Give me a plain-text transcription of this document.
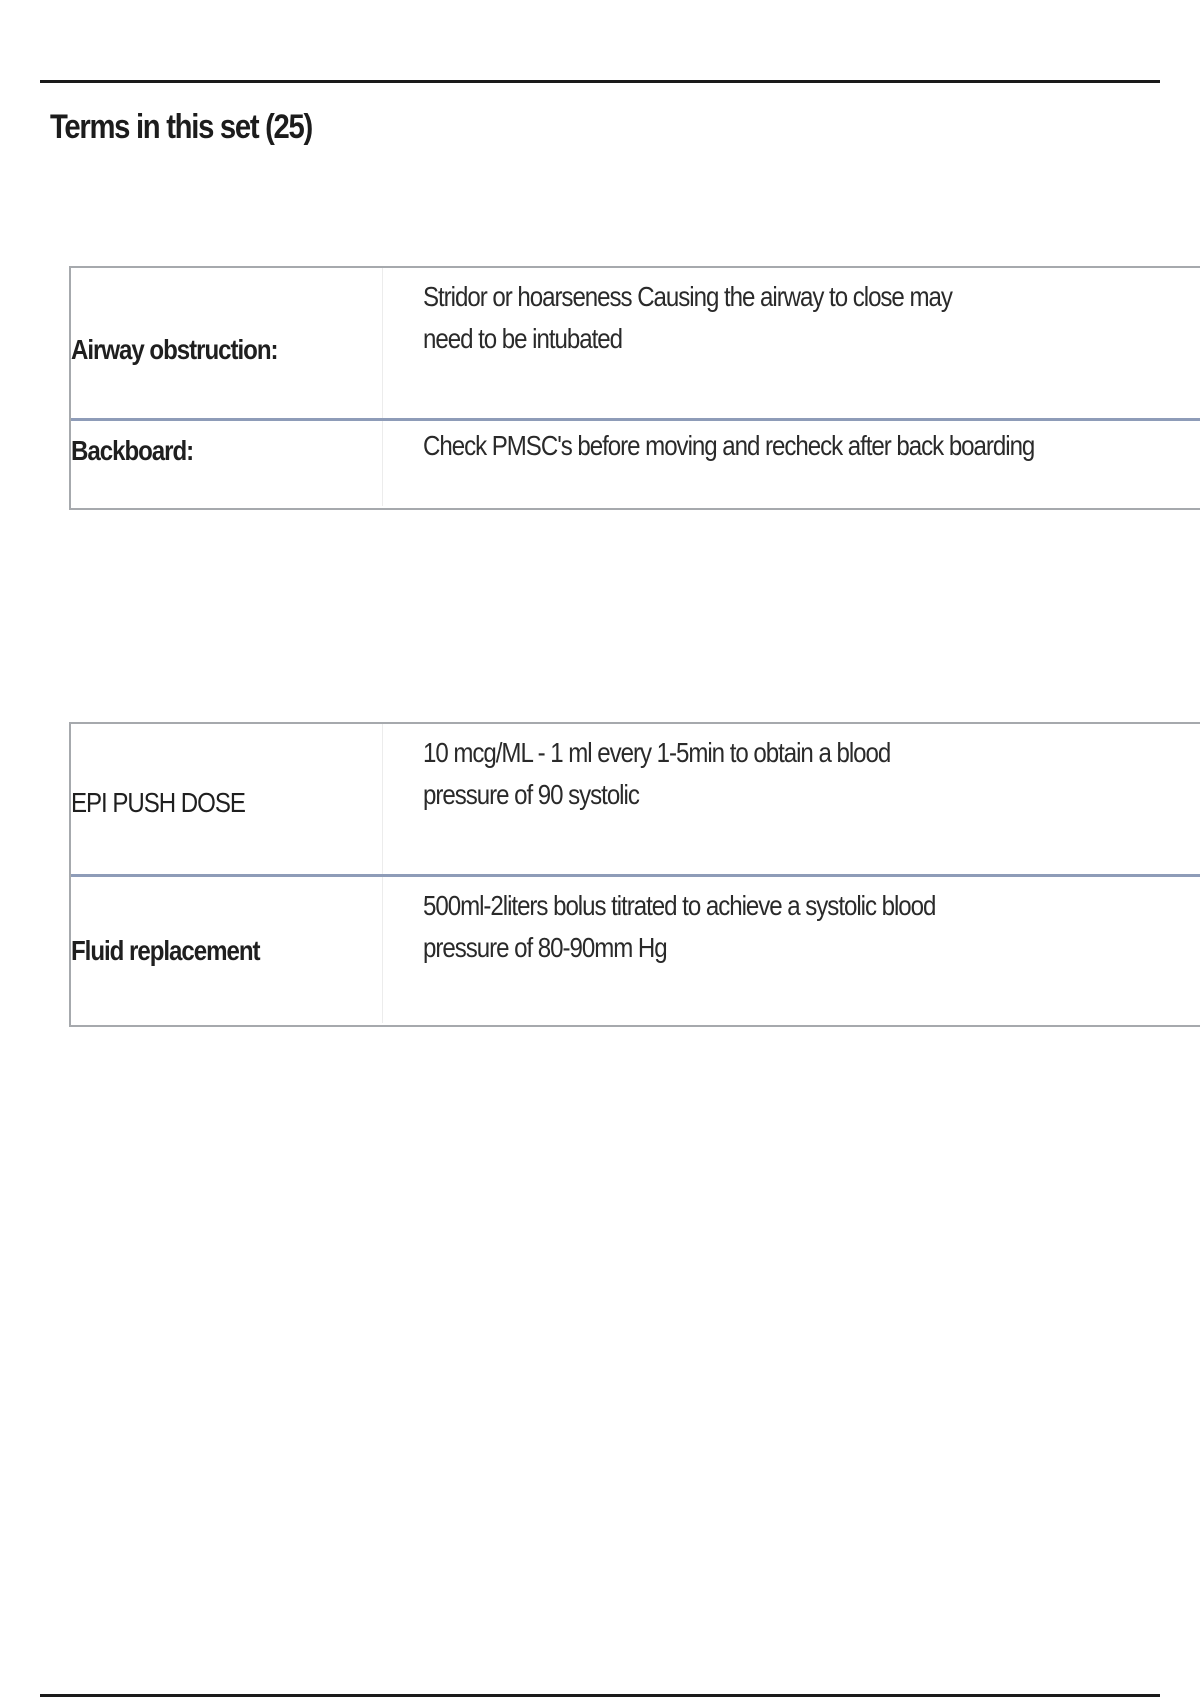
Terms in this set (25)
Airway obstruction:
Stridor or hoarseness Causing the airway to close may need to be intubated
Backboard:	Check PMSC's before moving and recheck after back boarding
EPI PUSH DOSE
10 mcg/ML - 1 ml every 1-5min to obtain a blood pressure of 90 systolic
Fluid replacement
500ml-2liters bolus titrated to achieve a systolic blood pressure of 80-90mm Hg
